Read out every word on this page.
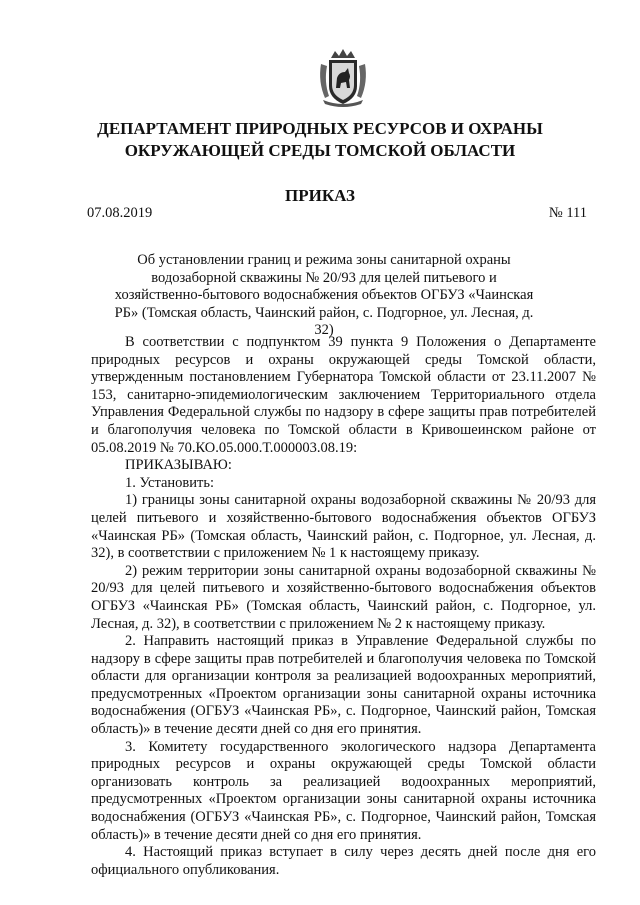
ДЕПАРТАМЕНТ ПРИРОДНЫХ РЕСУРСОВ И ОХРАНЫ
ОКРУЖАЮЩЕЙ СРЕДЫ ТОМСКОЙ ОБЛАСТИ
ПРИКАЗ
07.08.2019	№ 111
Об установлении границ и режима зоны санитарной охраны водозаборной скважины № 20/93 для целей питьевого и хозяйственно-бытового водоснабжения объектов ОГБУЗ «Чаинская РБ» (Томская область, Чаинский район, с. Подгорное, ул. Лесная, д. 32)

В соответствии с подпунктом 39 пункта 9 Положения о Департаменте природных ресурсов и охраны окружающей среды Томской области, утвержденным постановлением Губернатора Томской области от 23.11.2007 № 153, санитарно-эпидемиологическим заключением Территориального отдела Управления Федеральной службы по надзору в сфере защиты прав потребителей и благополучия человека по Томской области в Кривошеинском районе от 05.08.2019 № 70.КО.05.000.Т.000003.08.19:

ПРИКАЗЫВАЮ:

1. Установить:

1) границы зоны санитарной охраны водозаборной скважины № 20/93 для целей питьевого и хозяйственно-бытового водоснабжения объектов ОГБУЗ «Чаинская РБ» (Томская область, Чаинский район, с. Подгорное, ул. Лесная, д. 32), в соответствии с приложением № 1 к настоящему приказу.

2) режим территории зоны санитарной охраны водозаборной скважины № 20/93 для целей питьевого и хозяйственно-бытового водоснабжения объектов ОГБУЗ «Чаинская РБ» (Томская область, Чаинский район, с. Подгорное, ул. Лесная, д. 32), в соответствии с приложением № 2 к настоящему приказу.

2. Направить настоящий приказ в Управление Федеральной службы по надзору в сфере защиты прав потребителей и благополучия человека по Томской области для организации контроля за реализацией водоохранных мероприятий, предусмотренных «Проектом организации зоны санитарной охраны источника водоснабжения (ОГБУЗ «Чаинская РБ», с. Подгорное, Чаинский район, Томская область)» в течение десяти дней со дня его принятия.

3. Комитету государственного экологического надзора Департамента природных ресурсов и охраны окружающей среды Томской области организовать контроль за реализацией водоохранных мероприятий, предусмотренных «Проектом организации зоны санитарной охраны источника водоснабжения (ОГБУЗ «Чаинская РБ», с. Подгорное, Чаинский район, Томская область)» в течение десяти дней со дня его принятия.

4. Настоящий приказ вступает в силу через десять дней после дня его официального опубликования.
